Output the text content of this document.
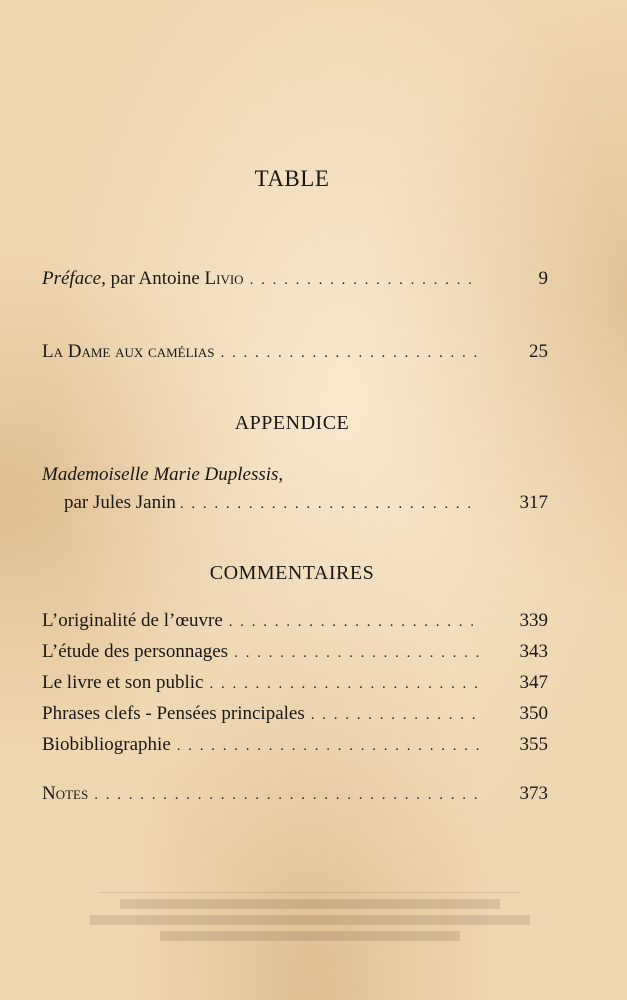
TABLE
Préface, par Antoine Livio . . .	9
La Dame aux camélias . . .	25
APPENDICE
Mademoiselle Marie Duplessis,
par Jules Janin . . .	317
COMMENTAIRES
L’originalité de l’œuvre . . .	339
L’étude des personnages . . .	343
Le livre et son public . . .	347
Phrases clefs - Pensées principales . . .	350
Biobibliographie . . .	355
Notes . . .	373
